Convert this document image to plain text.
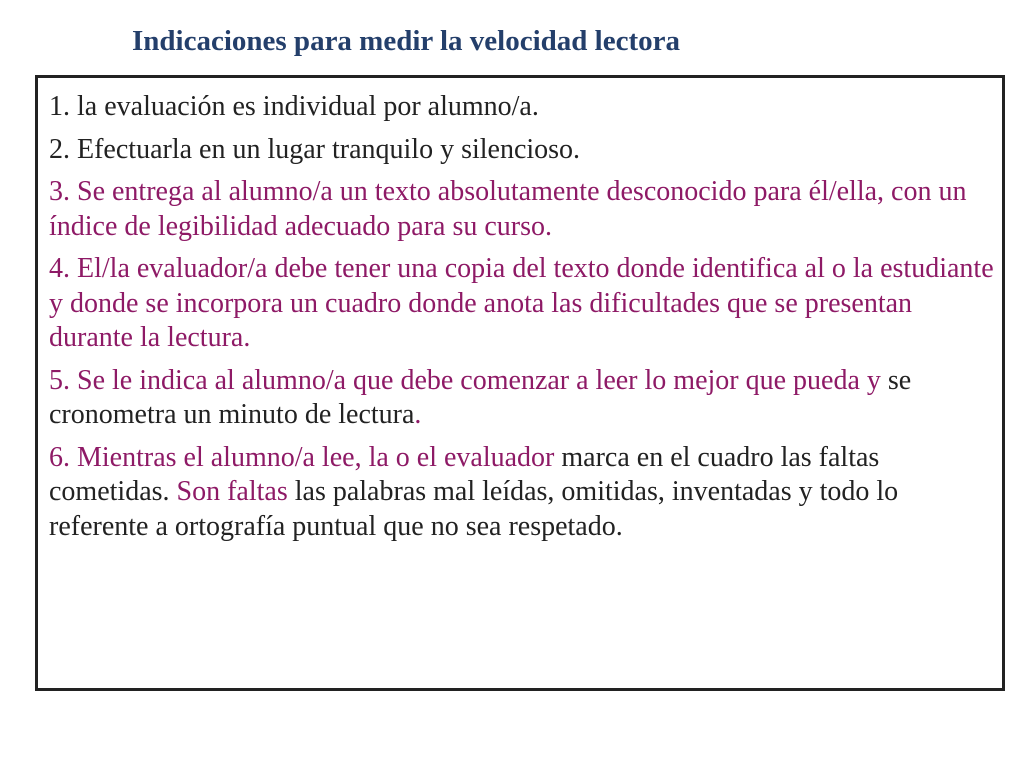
Indicaciones para medir la velocidad lectora
1. la evaluación es individual por alumno/a.
2. Efectuarla en un lugar tranquilo y silencioso.
3. Se entrega al alumno/a un texto absolutamente desconocido para él/ella, con un índice de legibilidad adecuado para su curso.
4. El/la evaluador/a debe tener una copia del texto donde identifica al o la estudiante y donde se incorpora un cuadro donde anota las dificultades que se presentan durante la lectura.
5. Se le indica al alumno/a que debe comenzar a leer lo mejor que pueda y se cronometra un minuto de lectura.
6. Mientras el alumno/a lee, la o el evaluador marca en el cuadro las faltas cometidas. Son faltas las palabras mal leídas, omitidas, inventadas y todo lo referente a ortografía puntual que no sea respetado.
